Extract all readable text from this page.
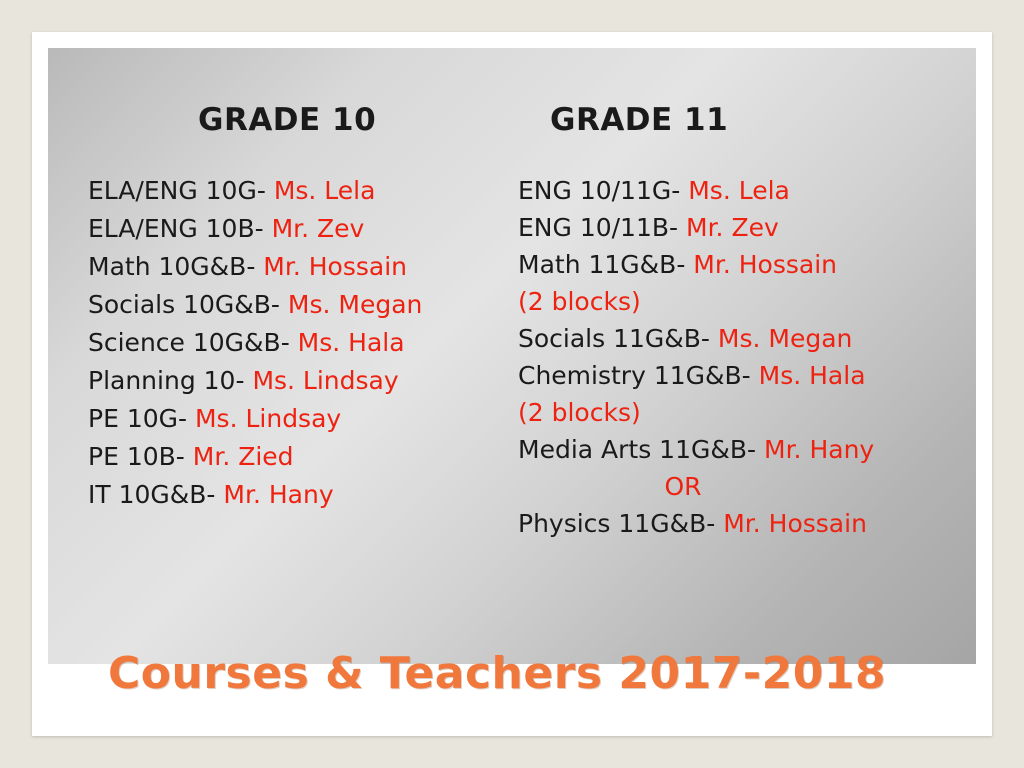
GRADE 10
ELA/ENG 10G- Ms. Lela
ELA/ENG 10B- Mr. Zev
Math 10G&B- Mr. Hossain
Socials 10G&B- Ms. Megan
Science 10G&B- Ms. Hala
Planning 10- Ms. Lindsay
PE 10G- Ms. Lindsay
PE 10B- Mr. Zied
IT 10G&B- Mr. Hany
GRADE 11
ENG 10/11G- Ms. Lela
ENG 10/11B- Mr. Zev
Math 11G&B- Mr. Hossain
(2 blocks)
Socials 11G&B- Ms. Megan
Chemistry 11G&B- Ms. Hala
(2 blocks)
Media Arts 11G&B- Mr. Hany
OR
Physics 11G&B- Mr. Hossain
Courses & Teachers 2017-2018
